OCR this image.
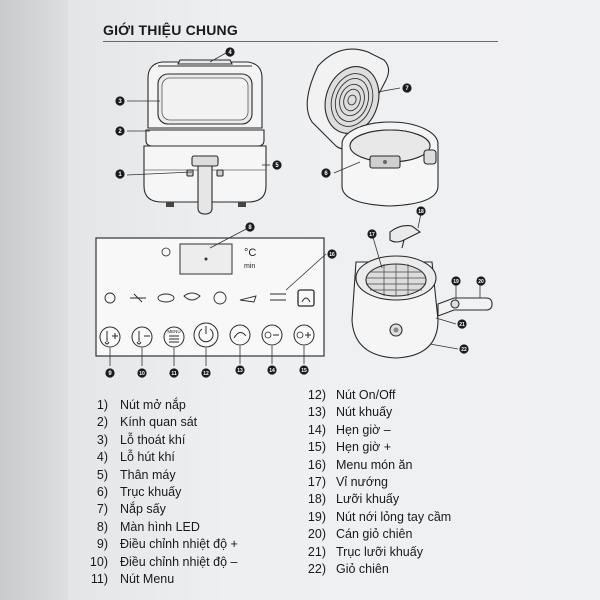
GIỚI THIỆU CHUNG
°C
min
MENU
1
2
3
4
5
6
7
8
9	10	11	12	13	14	15
16
17
18
19	20
21
22
1) Nút mở nắp
2) Kính quan sát
3) Lỗ thoát khí
4) Lỗ hút khí
5) Thân máy
6) Trục khuấy
7) Nắp sấy
8) Màn hình LED
9) Điều chỉnh nhiệt độ +
10) Điều chỉnh nhiệt độ –
11) Nút Menu
12) Nút On/Off
13) Nút khuấy
14) Hẹn giờ –
15) Hẹn giờ +
16) Menu món ăn
17) Vỉ nướng
18) Lưỡi khuấy
19) Nút nới lỏng tay cầm
20) Cán giỏ chiên
21) Trục lưỡi khuấy
22) Giỏ chiên
